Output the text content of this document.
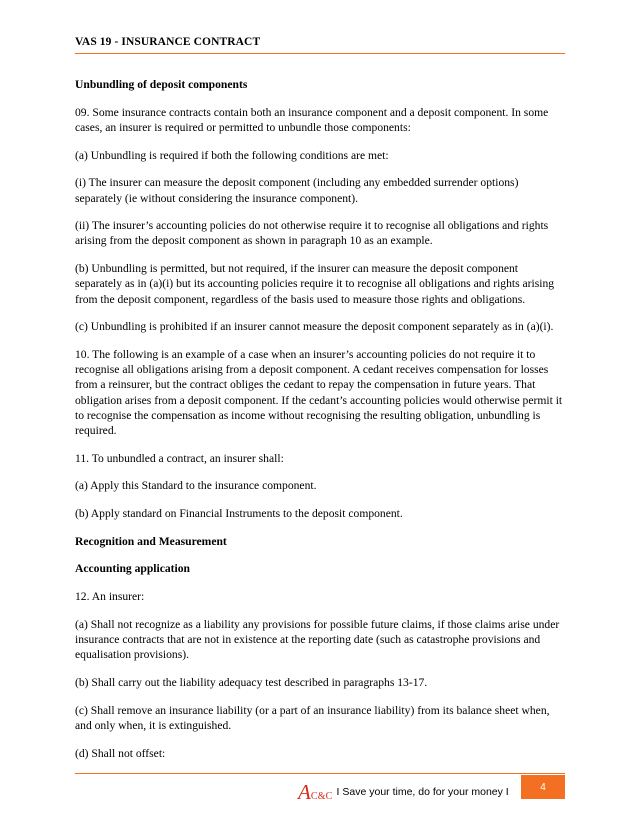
VAS 19 - INSURANCE CONTRACT
Unbundling of deposit components

09. Some insurance contracts contain both an insurance component and a deposit component. In some cases, an insurer is required or permitted to unbundle those components:

(a) Unbundling is required if both the following conditions are met:

(i) The insurer can measure the deposit component (including any embedded surrender options) separately (ie without considering the insurance component).

(ii) The insurer’s accounting policies do not otherwise require it to recognise all obligations and rights arising from the deposit component as shown in paragraph 10 as an example.

(b) Unbundling is permitted, but not required, if the insurer can measure the deposit component separately as in (a)(i) but its accounting policies require it to recognise all obligations and rights arising from the deposit component, regardless of the basis used to measure those rights and obligations.

(c) Unbundling is prohibited if an insurer cannot measure the deposit component separately as in (a)(i).

10. The following is an example of a case when an insurer’s accounting policies do not require it to recognise all obligations arising from a deposit component. A cedant receives compensation for losses from a reinsurer, but the contract obliges the cedant to repay the compensation in future years. That obligation arises from a deposit component. If the cedant’s accounting policies would otherwise permit it to recognise the compensation as income without recognising the resulting obligation, unbundling is required.

11. To unbundled a contract, an insurer shall:

(a) Apply this Standard to the insurance component.

(b) Apply standard on Financial Instruments to the deposit component.

Recognition and Measurement
Accounting application

12. An insurer:

(a) Shall not recognize as a liability any provisions for possible future claims, if those claims arise under insurance contracts that are not in existence at the reporting date (such as catastrophe provisions and equalisation provisions).

(b) Shall carry out the liability adequacy test described in paragraphs 13-17.

(c) Shall remove an insurance liability (or a part of an insurance liability) from its balance sheet when, and only when, it is extinguished.

(d) Shall not offset:

A C&C I Save your time, do for your money I	4
